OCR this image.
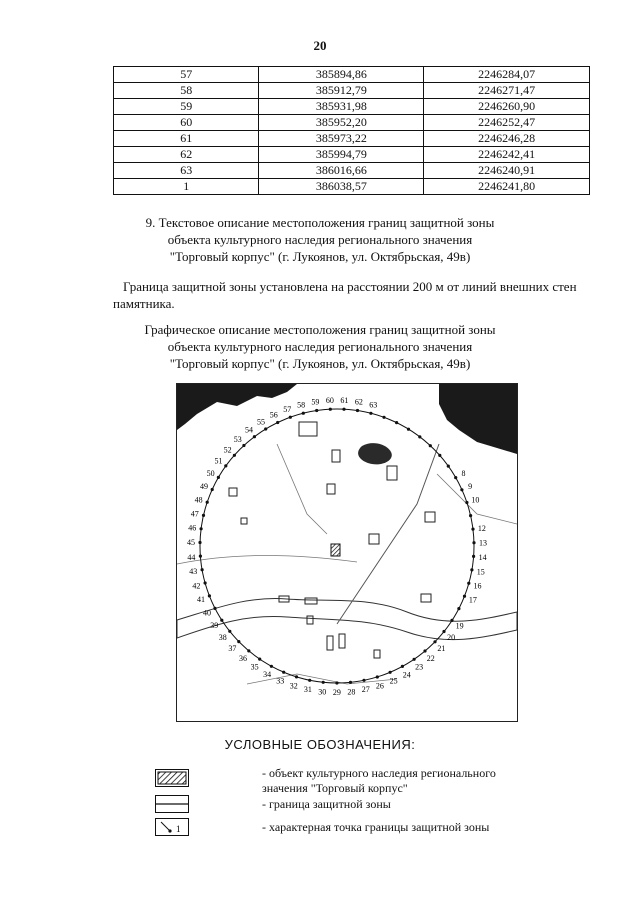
20
57	385894,86	2246284,07
58	385912,79	2246271,47
59	385931,98	2246260,90
60	385952,20	2246252,47
61	385973,22	2246246,28
62	385994,79	2246242,41
63	386016,66	2246240,91
1	386038,57	2246241,80
9. Текстовое описание местоположения границ защитной зоны
объекта культурного наследия регионального значения
"Торговый корпус" (г. Лукоянов, ул. Октябрьская, 49в)
Граница защитной зоны установлена на расстоянии 200 м от линий внешних стен памятника.
Графическое описание местоположения границ защитной зоны
объекта культурного наследия регионального значения
"Торговый корпус" (г. Лукоянов, ул. Октябрьская, 49в)
8
9
10
12
13
14
15
16
17
19
20
21
22
23
24
25
26
27
28
29
30
31
32
33
34
35
36
37
38
39
40
41
42
43
44
45
46
47
48
49
50
51
52
53
54
55
56
57 58 59 60 61 62 63
УСЛОВНЫЕ ОБОЗНАЧЕНИЯ:
- объект культурного наследия регионального
значения "Торговый корпус"
- граница защитной зоны
1	- характерная точка границы защитной зоны
